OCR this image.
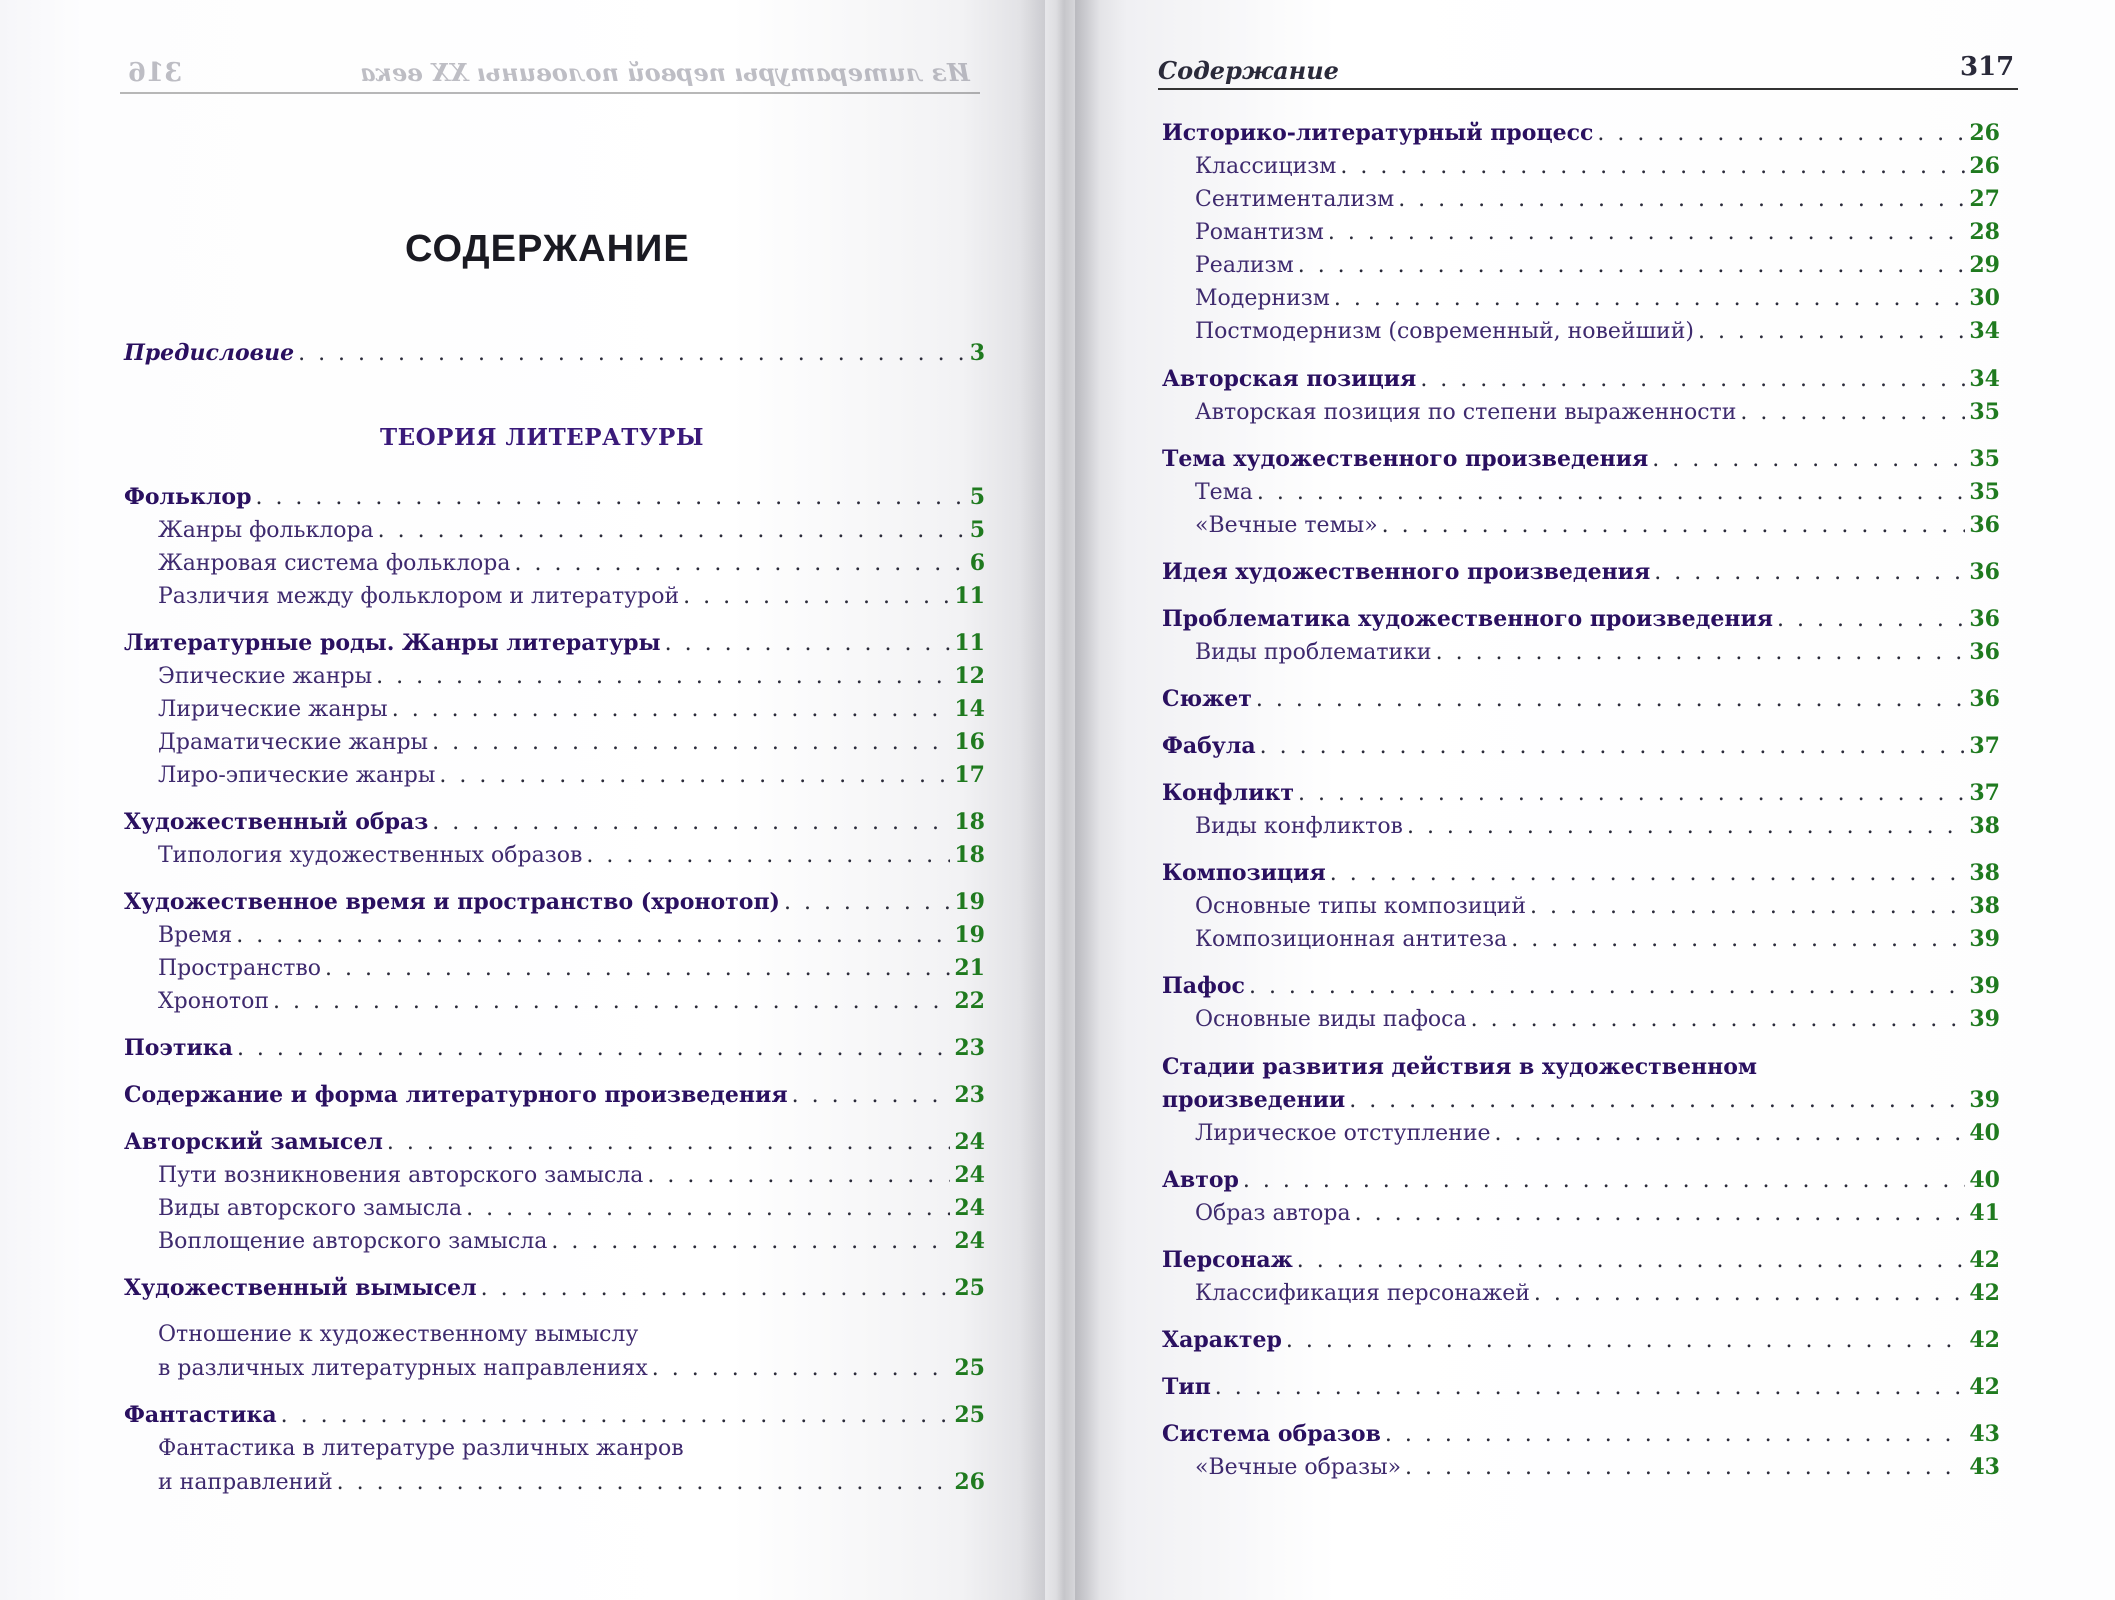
316	Из литературы первой половины XX века
СОДЕРЖАНИЕ
Предисловие . . .	3
Фольклор . . .	5
Жанры фольклора . . .	5
Жанровая система фольклора . . .	6
Различия между фольклором и литературой . . .	11
Литературные роды. Жанры литературы . . .	11
Эпические жанры . . .	12
Лирические жанры . . .	14
Драматические жанры . . .	16
Лиро-эпические жанры . . .	17
Художественный образ . . .	18
Типология художественных образов . . .	18
Художественное время и пространство (хронотоп) . . .	19
Время . . .	19
Пространство . . .	21
Хронотоп . . .	22
Поэтика . . .	23
Содержание и форма литературного произведения . . .	23
Авторский замысел . . .	24
Пути возникновения авторского замысла . . .	24
Виды авторского замысла . . .	24
Воплощение авторского замысла . . .	24
Художественный вымысел . . .	25
Отношение к художественному вымыслу
в различных литературных направлениях . . .	25
Фантастика . . .	25
Фантастика в литературе различных жанров
и направлений . . .	26
ТЕОРИЯ ЛИТЕРАТУРЫ
Содержание	317
Историко-литературный процесс . . .	26
Классицизм . . .	26
Сентиментализм . . .	27
Романтизм . . .	28
Реализм . . .	29
Модернизм . . .	30
Постмодернизм (современный, новейший) . . .	34
Авторская позиция . . .	34
Авторская позиция по степени выраженности . . .	35
Тема художественного произведения . . .	35
Тема . . .	35
«Вечные темы» . . .	36
Идея художественного произведения . . .	36
Проблематика художественного произведения . . .	36
Виды проблематики . . .	36
Сюжет . . .	36
Фабула . . .	37
Конфликт . . .	37
Виды конфликтов . . .	38
Композиция . . .	38
Основные типы композиций . . .	38
Композиционная антитеза . . .	39
Пафос . . .	39
Основные виды пафоса . . .	39
Стадии развития действия в художественном
произведении . . .	39
Лирическое отступление . . .	40
Автор . . .	40
Образ автора . . .	41
Персонаж . . .	42
Классификация персонажей . . .	42
Характер . . .	42
Тип . . .	42
Система образов . . .	43
«Вечные образы» . . .	43
